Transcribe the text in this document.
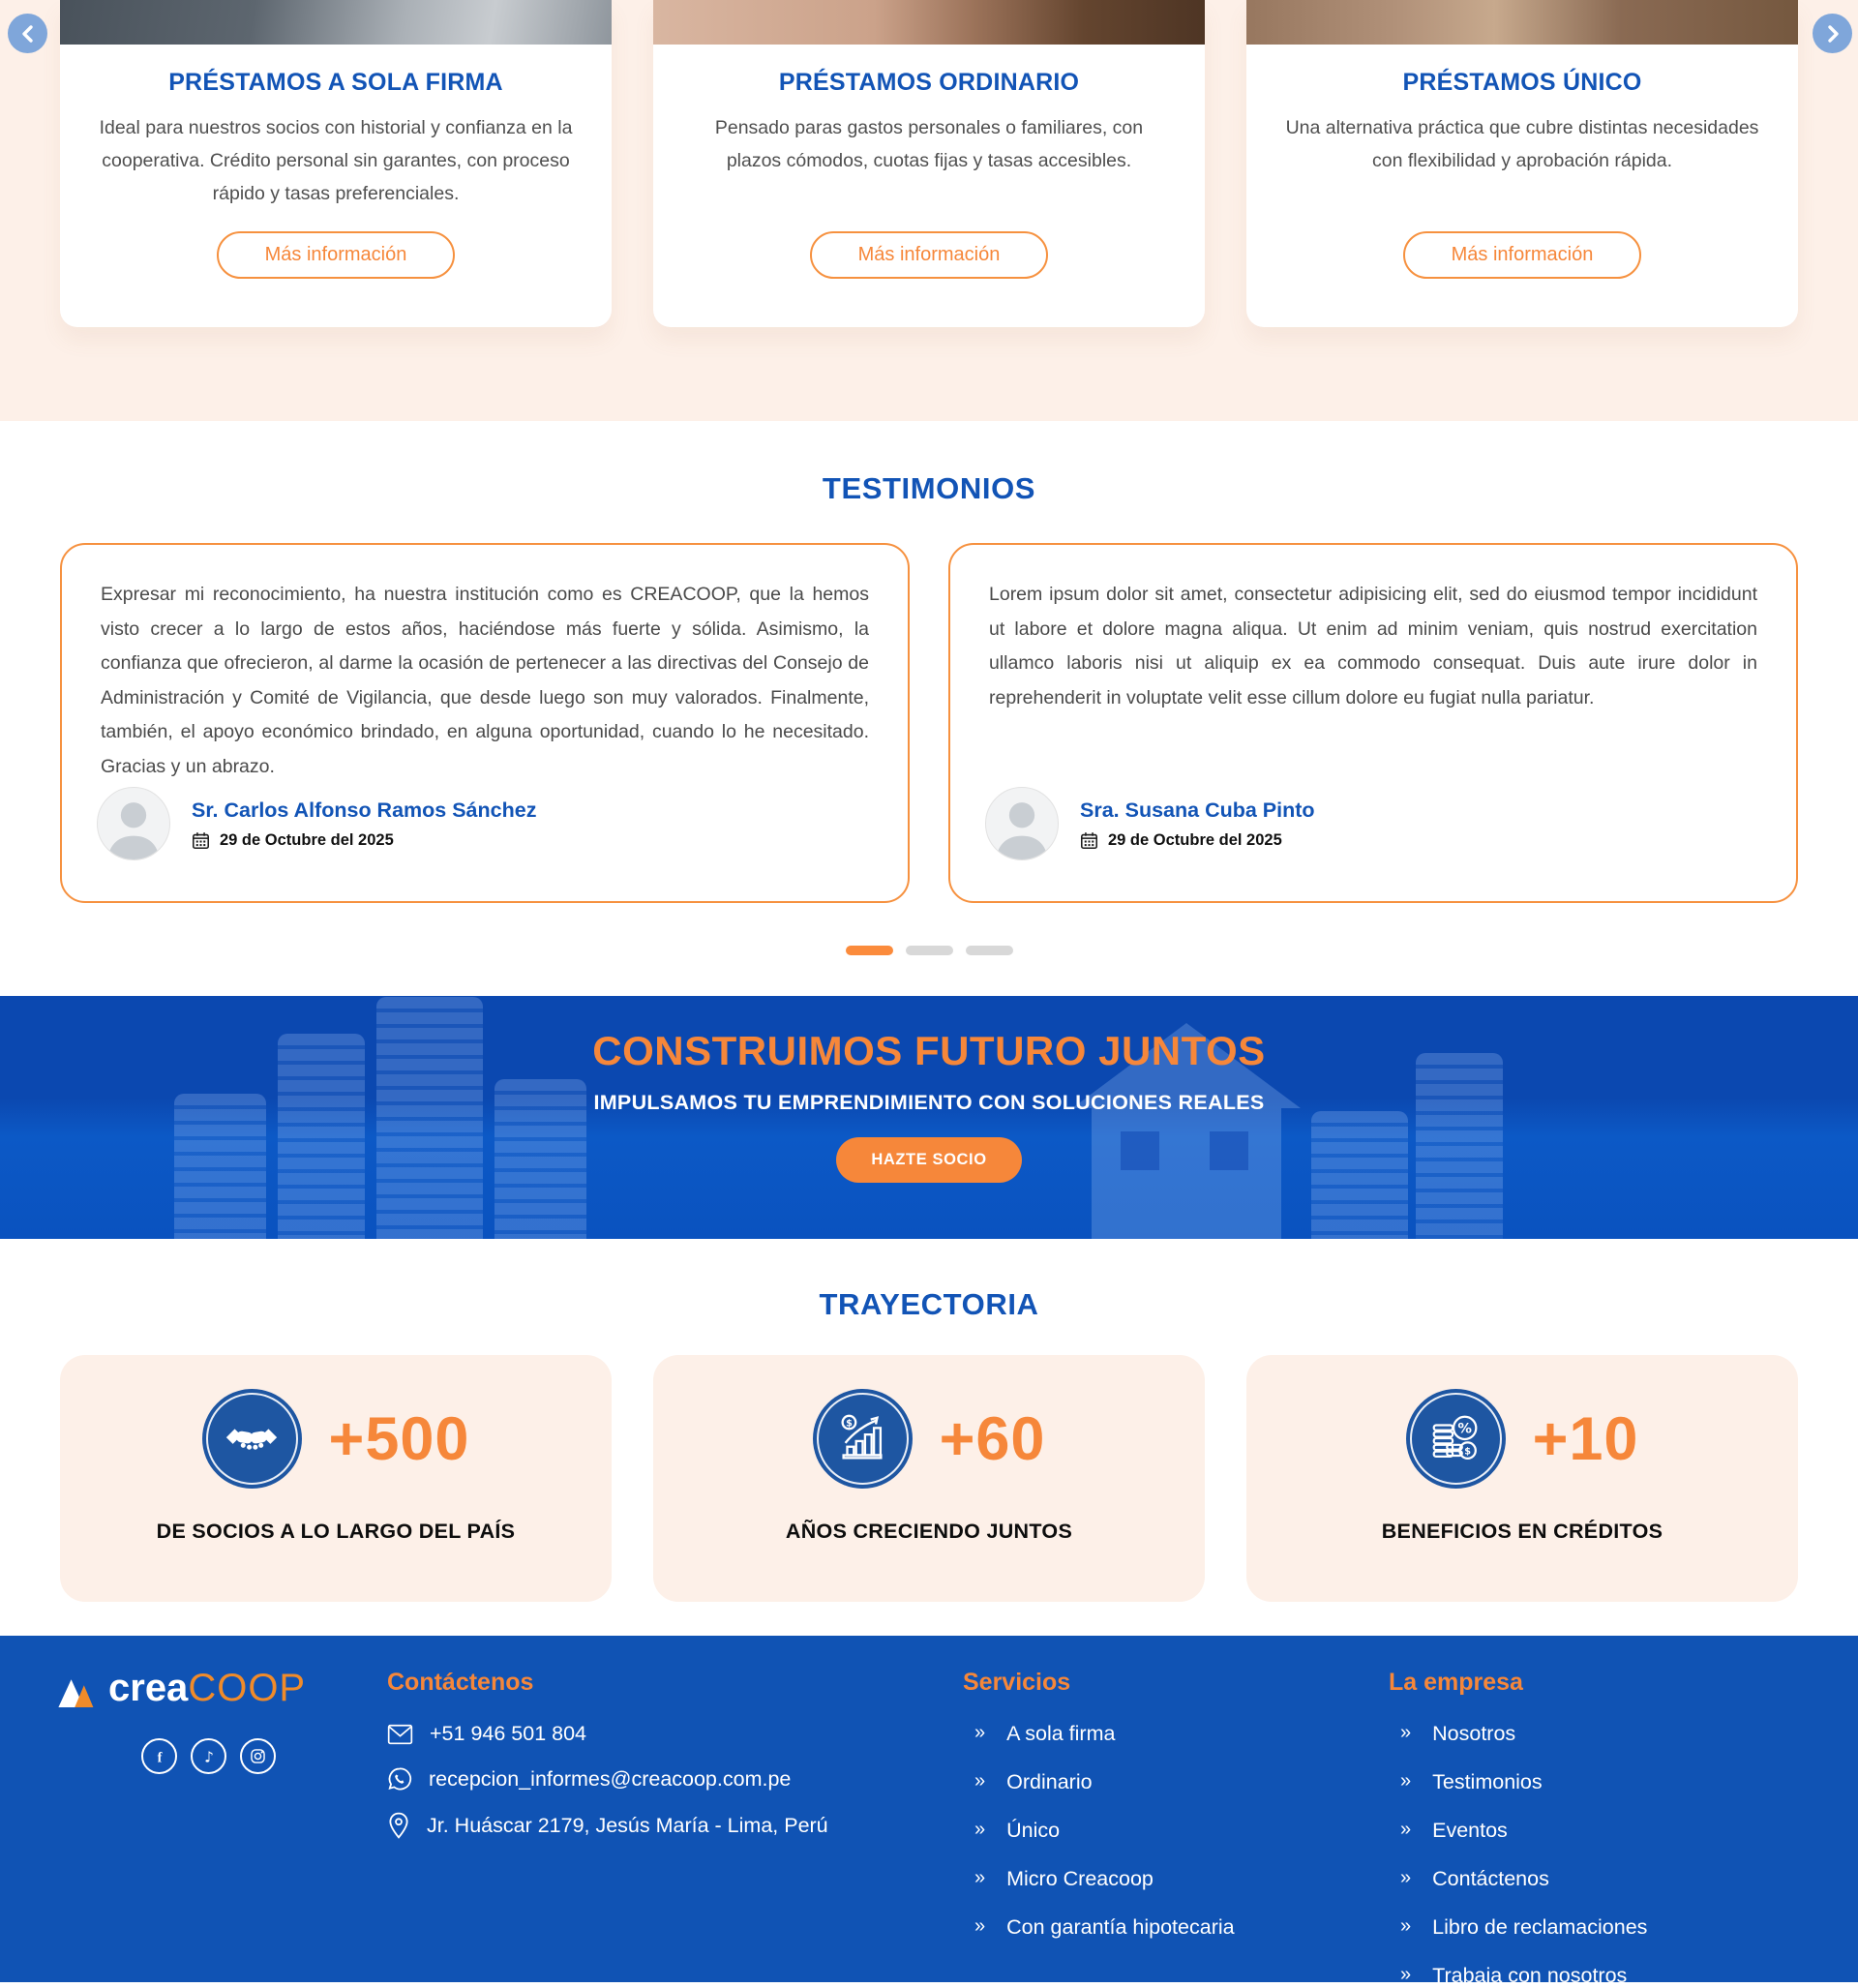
PRÉSTAMOS A SOLA FIRMA

Ideal para nuestros socios con historial y confianza en la cooperativa. Crédito personal sin garantes, con proceso rápido y tasas preferenciales.

Más información
PRÉSTAMOS ORDINARIO

Pensado paras gastos personales o familiares, con plazos cómodos, cuotas fijas y tasas accesibles.

Más información
PRÉSTAMOS ÚNICO

Una alternativa práctica que cubre distintas necesidades con flexibilidad y aprobación rápida.

Más información
TESTIMONIOS

Expresar mi reconocimiento, ha nuestra institución como es CREACOOP, que la hemos visto crecer a lo largo de estos años, haciéndose más fuerte y sólida. Asimismo, la confianza que ofrecieron, al darme la ocasión de pertenecer a las directivas del Consejo de Administración y Comité de Vigilancia, que desde luego son muy valorados. Finalmente, también, el apoyo económico brindado, en alguna oportunidad, cuando lo he necesitado. Gracias y un abrazo.

Sr. Carlos Alfonso Ramos Sánchez
29 de Octubre del 2025

Lorem ipsum dolor sit amet, consectetur adipisicing elit, sed do eiusmod tempor incididunt ut labore et dolore magna aliqua. Ut enim ad minim veniam, quis nostrud exercitation ullamco laboris nisi ut aliquip ex ea commodo consequat. Duis aute irure dolor in reprehenderit in voluptate velit esse cillum dolore eu fugiat nulla pariatur.

Sra. Susana Cuba Pinto
29 de Octubre del 2025
CONSTRUIMOS FUTURO JUNTOS

IMPULSAMOS TU EMPRENDIMIENTO CON SOLUCIONES REALES

HAZTE SOCIO
TRAYECTORIA
+500
DE SOCIOS A LO LARGO DEL PAÍS
$ +60
AÑOS CRECIENDO JUNTOS
%
$ +10
BENEFICIOS EN CRÉDITOS
creaCOOP
f	♪
Contáctenos
+51 946 501 804
recepcion_informes@creacoop.com.pe
Jr. Huáscar 2179, Jesús María - Lima, Perú
Servicios
» A sola firma
» Ordinario
» Único
» Micro Creacoop
» Con garantía hipotecaria
La empresa
» Nosotros
» Testimonios
» Eventos
» Contáctenos
» Libro de reclamaciones
» Trabaja con nosotros
